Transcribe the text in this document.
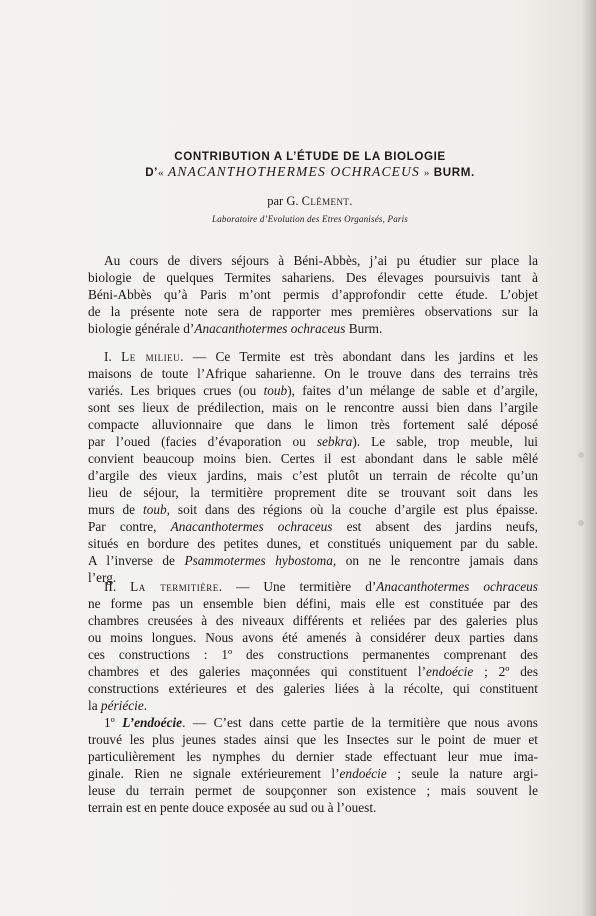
CONTRIBUTION A L’ÉTUDE DE LA BIOLOGIE
D’« ANACANTHOTHERMES OCHRACEUS » BURM.
par G. Clément.
Laboratoire d’Evolution des Etres Organisés, Paris
Au cours de divers séjours à Béni-Abbès, j’ai pu étudier sur place la
biologie de quelques Termites sahariens. Des élevages poursuivis tant à
Béni-Abbès qu’à Paris m’ont permis d’approfondir cette étude. L’objet
de la présente note sera de rapporter mes premières observations sur la
biologie générale d’Anacanthotermes ochraceus Burm.
I. Le milieu. — Ce Termite est très abondant dans les jardins et les
maisons de toute l’Afrique saharienne. On le trouve dans des terrains très
variés. Les briques crues (ou toub), faites d’un mélange de sable et d’argile,
sont ses lieux de prédilection, mais on le rencontre aussi bien dans l’argile
compacte alluvionnaire que dans le limon très fortement salé déposé
par l’oued (facies d’évaporation ou sebkra). Le sable, trop meuble, lui
convient beaucoup moins bien. Certes il est abondant dans le sable mêlé
d’argile des vieux jardins, mais c’est plutôt un terrain de récolte qu’un
lieu de séjour, la termitière proprement dite se trouvant soit dans les
murs de toub, soit dans des régions où la couche d’argile est plus épaisse.
Par contre, Anacanthotermes ochraceus est absent des jardins neufs,
situés en bordure des petites dunes, et constitués uniquement par du sable.
A l’inverse de Psammotermes hybostoma, on ne le rencontre jamais dans
l’erg.
II. La termitière. — Une termitière d’Anacanthotermes ochraceus
ne forme pas un ensemble bien défini, mais elle est constituée par des
chambres creusées à des niveaux différents et reliées par des galeries plus
ou moins longues. Nous avons été amenés à considérer deux parties dans
ces constructions : 1º des constructions permanentes comprenant des
chambres et des galeries maçonnées qui constituent l’endoécie ; 2º des
constructions extérieures et des galeries liées à la récolte, qui constituent
la périécie.
1º L’endoécie. — C’est dans cette partie de la termitière que nous avons
trouvé les plus jeunes stades ainsi que les Insectes sur le point de muer et
particulièrement les nymphes du dernier stade effectuant leur mue ima-
ginale. Rien ne signale extérieurement l’endoécie ; seule la nature argi-
leuse du terrain permet de soupçonner son existence ; mais souvent le
terrain est en pente douce exposée au sud ou à l’ouest.
